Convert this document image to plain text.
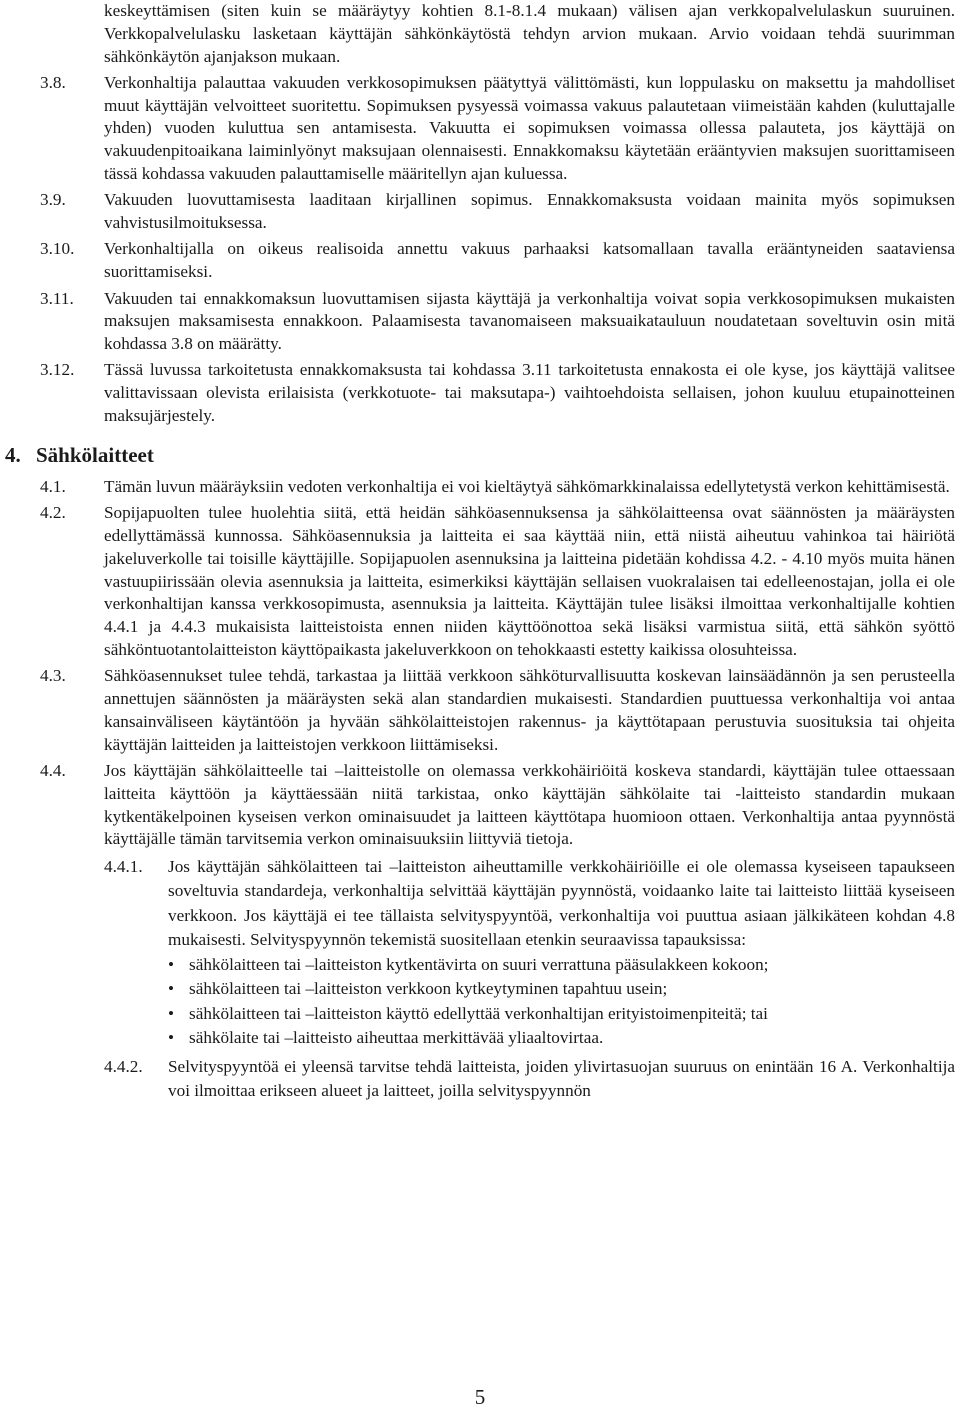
keskeyttämisen (siten kuin se määräytyy kohtien 8.1-8.1.4 mukaan) välisen ajan verkkopalvelulaskun suuruinen. Verkkopalvelulasku lasketaan käyttäjän sähkönkäytöstä tehdyn arvion mukaan. Arvio voidaan tehdä suurimman sähkönkäytön ajanjakson mukaan.
3.8.	Verkonhaltija palauttaa vakuuden verkkosopimuksen päätyttyä välittömästi, kun loppulasku on maksettu ja mahdolliset muut käyttäjän velvoitteet suoritettu. Sopimuksen pysyessä voimassa vakuus palautetaan viimeistään kahden (kuluttajalle yhden) vuoden kuluttua sen antamisesta. Vakuutta ei sopimuksen voimassa ollessa palauteta, jos käyttäjä on vakuudenpitoaikana laiminlyönyt maksujaan olennaisesti. Ennakkomaksu käytetään erääntyvien maksujen suorittamiseen tässä kohdassa vakuuden palauttamiselle määritellyn ajan kuluessa.
3.9.	Vakuuden luovuttamisesta laaditaan kirjallinen sopimus. Ennakkomaksusta voidaan mainita myös sopimuksen vahvistusilmoituksessa.
3.10.	Verkonhaltijalla on oikeus realisoida annettu vakuus parhaaksi katsomallaan tavalla erääntyneiden saataviensa suorittamiseksi.
3.11.	Vakuuden tai ennakkomaksun luovuttamisen sijasta käyttäjä ja verkonhaltija voivat sopia verkkosopimuksen mukaisten maksujen maksamisesta ennakkoon. Palaamisesta tavanomaiseen maksuaikatauluun noudatetaan soveltuvin osin mitä kohdassa 3.8 on määrätty.
3.12.	Tässä luvussa tarkoitetusta ennakkomaksusta tai kohdassa 3.11 tarkoitetusta ennakosta ei ole kyse, jos käyttäjä valitsee valittavissaan olevista erilaisista (verkkotuote- tai maksutapa-) vaihtoehdoista sellaisen, johon kuuluu etupainotteinen maksujärjestely.
4. Sähkölaitteet
4.1.	Tämän luvun määräyksiin vedoten verkonhaltija ei voi kieltäytyä sähkömarkkinalaissa edellytetystä verkon kehittämisestä.
4.2.	Sopijapuolten tulee huolehtia siitä, että heidän sähköasennuksensa ja sähkölaitteensa ovat säännösten ja määräysten edellyttämässä kunnossa. Sähköasennuksia ja laitteita ei saa käyttää niin, että niistä aiheutuu vahinkoa tai häiriötä jakeluverkolle tai toisille käyttäjille. Sopijapuolen asennuksina ja laitteina pidetään kohdissa 4.2. - 4.10 myös muita hänen vastuupiirissään olevia asennuksia ja laitteita, esimerkiksi käyttäjän sellaisen vuokralaisen tai edelleenostajan, jolla ei ole verkonhaltijan kanssa verkkosopimusta, asennuksia ja laitteita. Käyttäjän tulee lisäksi ilmoittaa verkonhaltijalle kohtien 4.4.1 ja 4.4.3 mukaisista laitteistoista ennen niiden käyttöönottoa sekä lisäksi varmistua siitä, että sähkön syöttö sähköntuotantolaitteiston käyttöpaikasta jakeluverkkoon on tehokkaasti estetty kaikissa olosuhteissa.
4.3.	Sähköasennukset tulee tehdä, tarkastaa ja liittää verkkoon sähköturvallisuutta koskevan lainsäädännön ja sen perusteella annettujen säännösten ja määräysten sekä alan standardien mukaisesti. Standardien puuttuessa verkonhaltija voi antaa kansainväliseen käytäntöön ja hyvään sähkölaitteistojen rakennus- ja käyttötapaan perustuvia suosituksia tai ohjeita käyttäjän laitteiden ja laitteistojen verkkoon liittämiseksi.
4.4.	Jos käyttäjän sähkölaitteelle tai –laitteistolle on olemassa verkkohäiriöitä koskeva standardi, käyttäjän tulee ottaessaan laitteita käyttöön ja käyttäessään niitä tarkistaa, onko käyttäjän sähkölaite tai -laitteisto standardin mukaan kytkentäkelpoinen kyseisen verkon ominaisuudet ja laitteen käyttötapa huomioon ottaen. Verkonhaltija antaa pyynnöstä käyttäjälle tämän tarvitsemia verkon ominaisuuksiin liittyviä tietoja.
4.4.1.	Jos käyttäjän sähkölaitteen tai –laitteiston aiheuttamille verkkohäiriöille ei ole olemassa kyseiseen tapaukseen soveltuvia standardeja, verkonhaltija selvittää käyttäjän pyynnöstä, voidaanko laite tai laitteisto liittää kyseiseen verkkoon. Jos käyttäjä ei tee tällaista selvityspyyntöä, verkonhaltija voi puuttua asiaan jälkikäteen kohdan 4.8 mukaisesti. Selvityspyynnön tekemistä suositellaan etenkin seuraavissa tapauksissa:
• sähkölaitteen tai –laitteiston kytkentävirta on suuri verrattuna pääsulakkeen kokoon;
• sähkölaitteen tai –laitteiston verkkoon kytkeytyminen tapahtuu usein;
• sähkölaitteen tai –laitteiston käyttö edellyttää verkonhaltijan erityistoimenpiteitä; tai
• sähkölaite tai –laitteisto aiheuttaa merkittävää yliaaltovirtaa.
4.4.2.	Selvityspyyntöä ei yleensä tarvitse tehdä laitteista, joiden ylivirtasuojan suuruus on enintään 16 A. Verkonhaltija voi ilmoittaa erikseen alueet ja laitteet, joilla selvityspyynnön
5
